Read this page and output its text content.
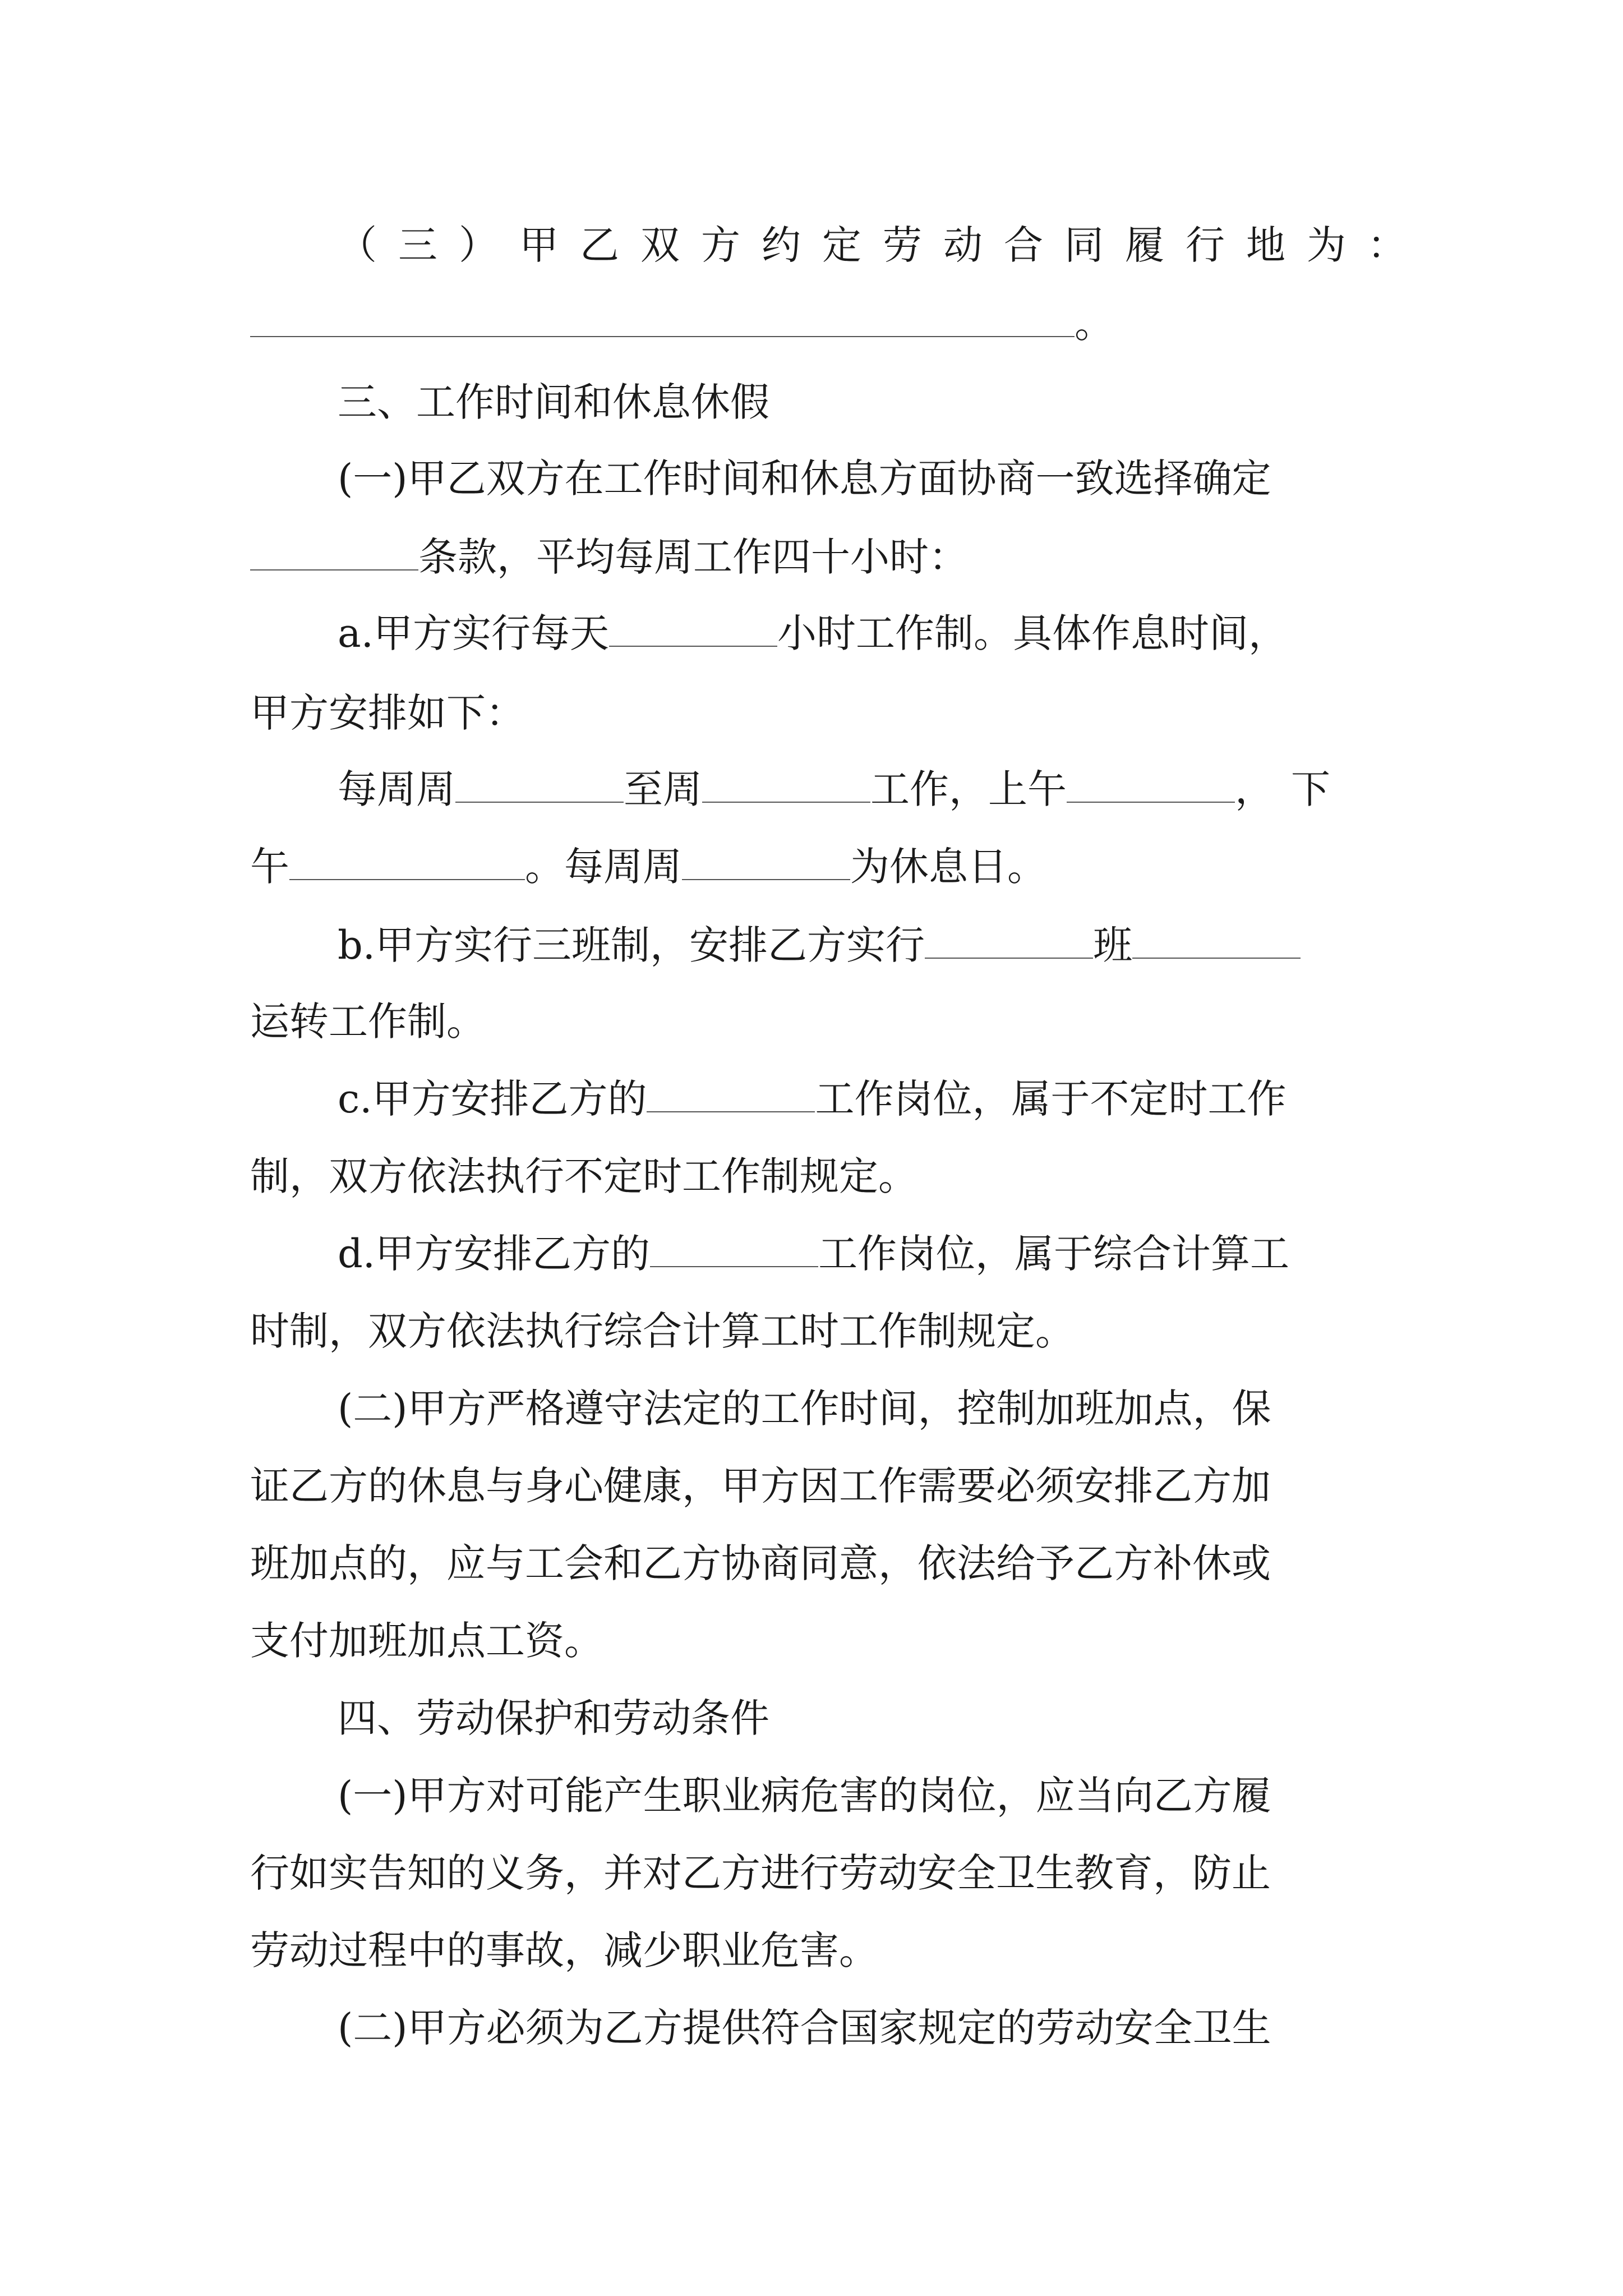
（三）甲乙双方约定劳动合同履行地为：
。
三、工作时间和休息休假
(一)甲乙双方在工作时间和休息方面协商一致选择确定
条款，平均每周工作四十小时：
a.甲方实行每天	小时工作制。具体作息时间，
甲方安排如下：
每周周	至周	工作，上午	，下
午	。每周周	为休息日。
b.甲方实行三班制，安排乙方实行	班
运转工作制。
c.甲方安排乙方的	工作岗位，属于不定时工作
制，双方依法执行不定时工作制规定。
d.甲方安排乙方的	工作岗位，属于综合计算工
时制，双方依法执行综合计算工时工作制规定。
(二)甲方严格遵守法定的工作时间，控制加班加点，保
证乙方的休息与身心健康，甲方因工作需要必须安排乙方加
班加点的，应与工会和乙方协商同意，依法给予乙方补休或
支付加班加点工资。
四、劳动保护和劳动条件
(一)甲方对可能产生职业病危害的岗位，应当向乙方履
行如实告知的义务，并对乙方进行劳动安全卫生教育，防止
劳动过程中的事故，减少职业危害。
(二)甲方必须为乙方提供符合国家规定的劳动安全卫生
